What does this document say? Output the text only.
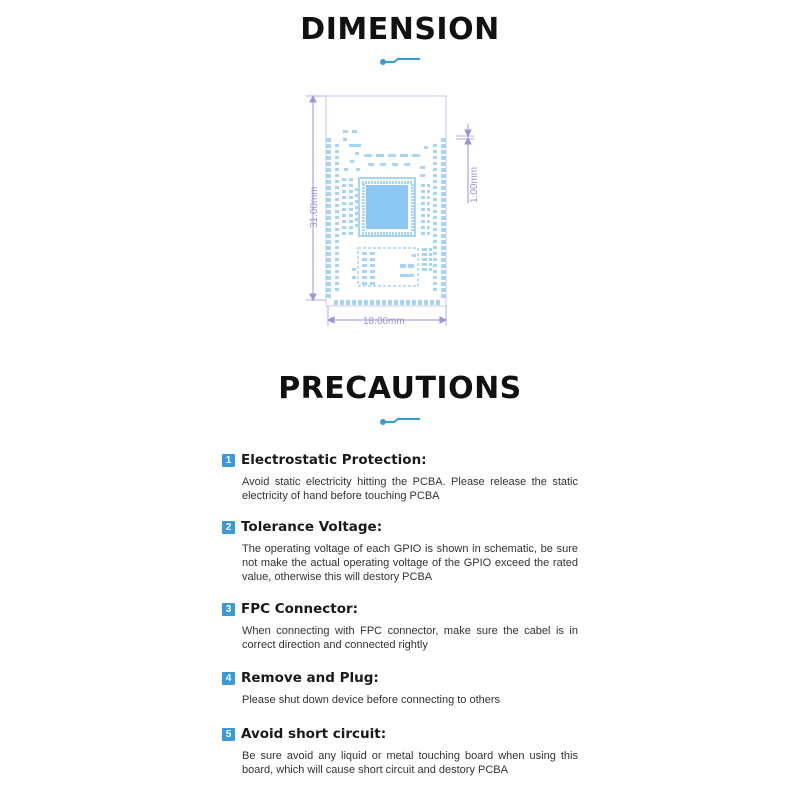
DIMENSION
31.00mm
18.00mm
1.00mm
PRECAUTIONS
1 Electrostatic Protection:
Avoid static electricity hitting the PCBA. Please release the static electricity of hand before touching PCBA
2 Tolerance Voltage:
The operating voltage of each GPIO is shown in schematic, be sure not make the actual operating voltage of the GPIO exceed the rated value, otherwise this will destory PCBA
3 FPC Connector:
When connecting with FPC connector, make sure the cabel is in correct direction and connected rightly
4 Remove and Plug:
Please shut down device before connecting to others
5 Avoid short circuit:
Be sure avoid any liquid or metal touching board when using this board, which will cause short circuit and destory PCBA
